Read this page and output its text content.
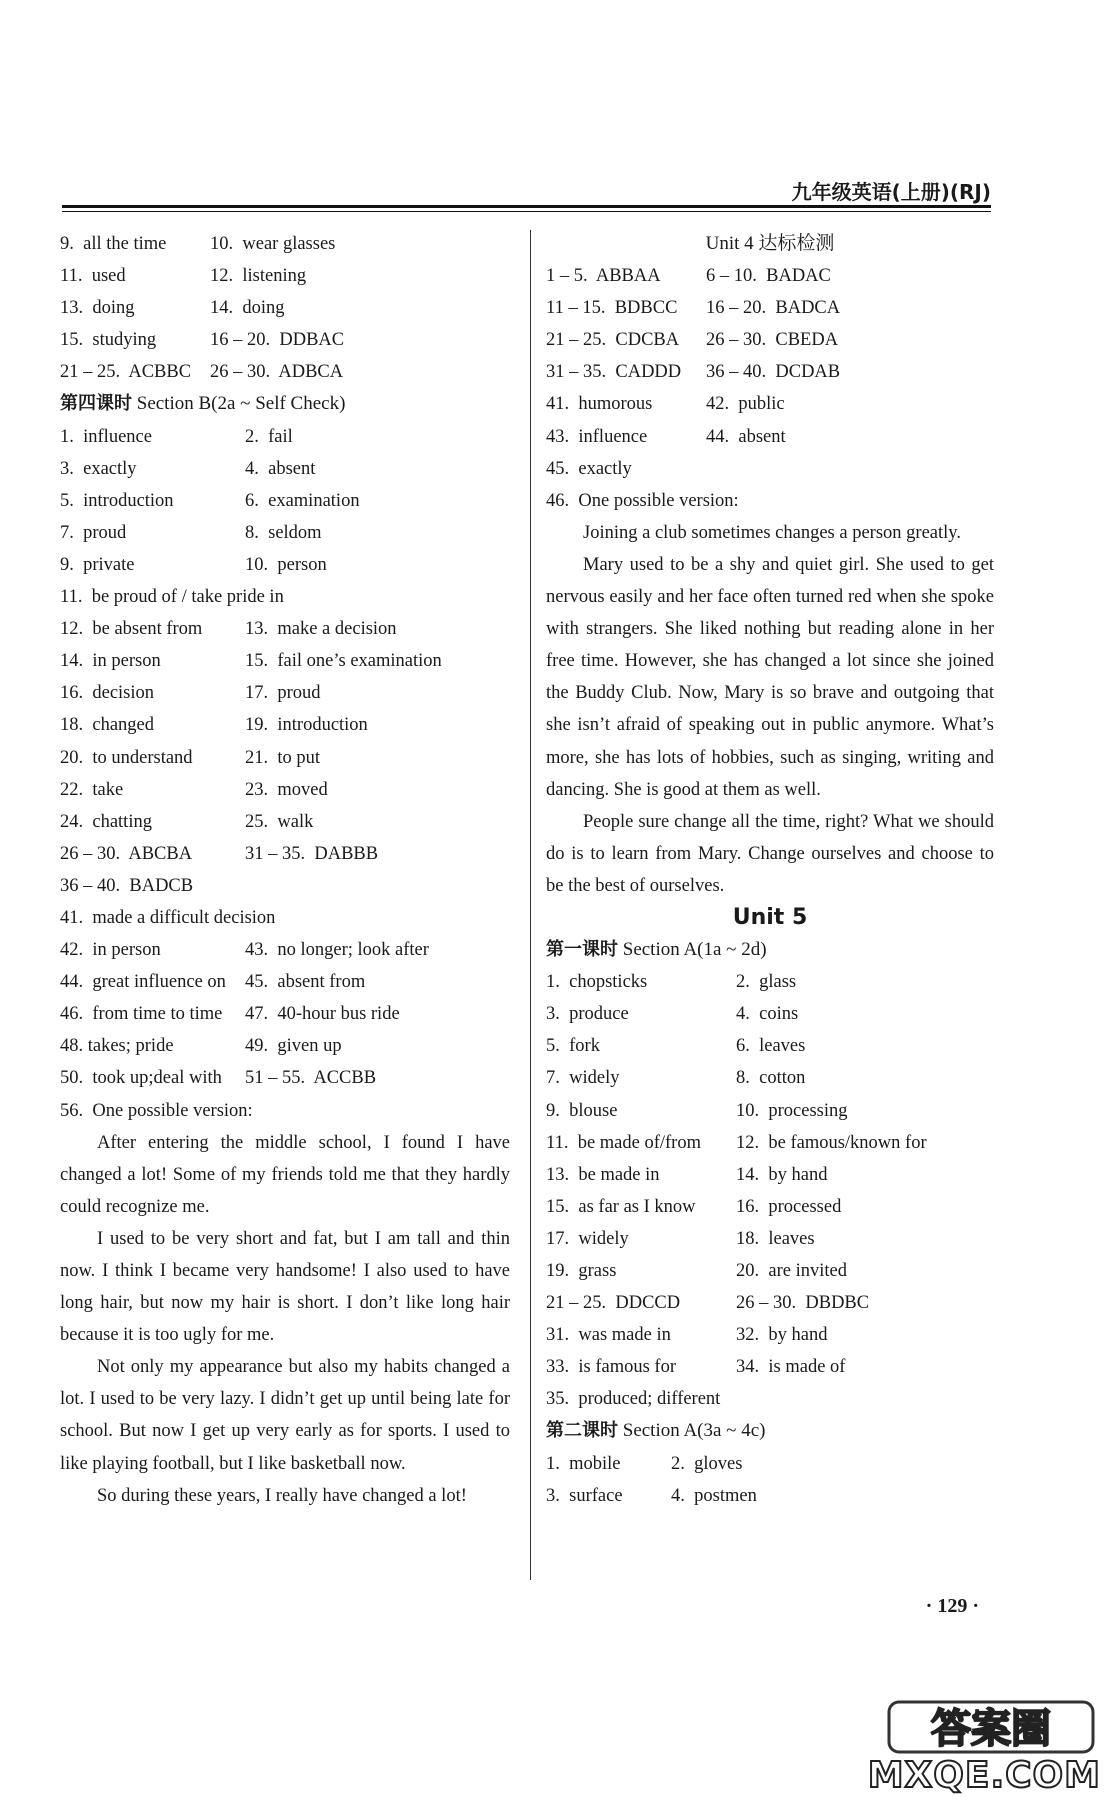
九年级英语(上册)(RJ)
9.  all the time 10.  wear glasses
11.  used	12.  listening
13.  doing	14.  doing
15.  studying	16 – 20.  DDBAC
21 – 25.  ACBBC 26 – 30.  ADBCA
第四课时 Section B(2a ~ Self Check)
1.  influence	2.  fail
3.  exactly	4.  absent
5.  introduction	6.  examination
7.  proud	8.  seldom
9.  private	10.  person
11.  be proud of / take pride in
12.  be absent from 13.  make a decision
14.  in person	15.  fail one’s examination
16.  decision	17.  proud
18.  changed	19.  introduction
20.  to understand	21.  to put
22.  take	23.  moved
24.  chatting	25.  walk
26 – 30.  ABCBA	31 – 35.  DABBB
36 – 40.  BADCB
41.  made a difficult decision
42.  in person	43.  no longer; look after
44.  great influence on 45.  absent from
46.  from time to time 47.  40-hour bus ride
48. takes; pride	49.  given up
50.  took up;deal with 51 – 55.  ACCBB
56.  One possible version:

After entering the middle school, I found I have changed a lot! Some of my friends told me that they hardly could recognize me.

I used to be very short and fat, but I am tall and thin now. I think I became very handsome! I also used to have long hair, but now my hair is short. I don’t like long hair because it is too ugly for me.

Not only my appearance but also my habits changed a lot. I used to be very lazy. I didn’t get up until being late for school. But now I get up very early as for sports. I used to like playing football, but I like basketball now.

So during these years, I really have changed a lot!

Unit 4 达标检测
1 – 5.  ABBAA 6 – 10.  BADAC
11 – 15.  BDBCC 16 – 20.  BADCA
21 – 25.  CDCBA 26 – 30.  CBEDA
31 – 35.  CADDD 36 – 40.  DCDAB
41.  humorous	42.  public
43.  influence	44.  absent
45.  exactly
46.  One possible version:

Joining a club sometimes changes a person greatly.

Mary used to be a shy and quiet girl. She used to get nervous easily and her face often turned red when she spoke with strangers. She liked nothing but reading alone in her free time. However, she has changed a lot since she joined the Buddy Club. Now, Mary is so brave and outgoing that she isn’t afraid of speaking out in public anymore. What’s more, she has lots of hobbies, such as singing, writing and dancing. She is good at them as well.

People sure change all the time, right? What we should do is to learn from Mary. Change ourselves and choose to be the best of ourselves.

Unit 5
第一课时 Section A(1a ~ 2d)
1.  chopsticks	2.  glass
3.  produce	4.  coins
5.  fork	6.  leaves
7.  widely	8.  cotton
9.  blouse	10.  processing
11.  be made of/from 12.  be famous/known for
13.  be made in	14.  by hand
15.  as far as I know 16.  processed
17.  widely	18.  leaves
19.  grass	20.  are invited
21 – 25.  DDCCD	26 – 30.  DBDBC
31.  was made in	32.  by hand
33.  is famous for	34.  is made of
35.  produced; different
第二课时 Section A(3a ~ 4c)
1.  mobile	2.  gloves
3.  surface	4.  postmen
· 129 ·
答案圈
MXQE.COM
